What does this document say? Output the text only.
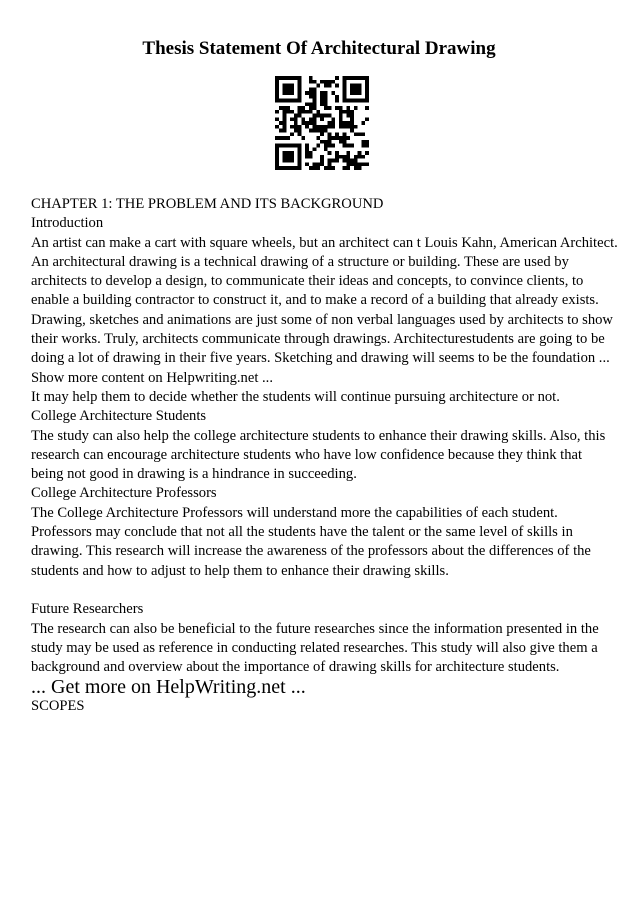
Thesis Statement Of Architectural Drawing
CHAPTER 1: THE PROBLEM AND ITS BACKGROUND
Introduction
An artist can make a cart with square wheels, but an architect can t Louis Kahn, American Architect.
An architectural drawing is a technical drawing of a structure or building. These are used by
architects to develop a design, to communicate their ideas and concepts, to convince clients, to
enable a building contractor to construct it, and to make a record of a building that already exists.
Drawing, sketches and animations are just some of non verbal languages used by architects to show
their works. Truly, architects communicate through drawings. Architecturestudents are going to be
doing a lot of drawing in their five years. Sketching and drawing will seems to be the foundation ...
Show more content on Helpwriting.net ...
It may help them to decide whether the students will continue pursuing architecture or not.
College Architecture Students
The study can also help the college architecture students to enhance their drawing skills. Also, this
research can encourage architecture students who have low confidence because they think that
being not good in drawing is a hindrance in succeeding.
College Architecture Professors
The College Architecture Professors will understand more the capabilities of each student.
Professors may conclude that not all the students have the talent or the same level of skills in
drawing. This research will increase the awareness of the professors about the differences of the
students and how to adjust to help them to enhance their drawing skills.
Future Researchers
The research can also be beneficial to the future researches since the information presented in the
study may be used as reference in conducting related researches. This study will also give them a
background and overview about the importance of drawing skills for architecture students.
SCOPES
... Get more on HelpWriting.net ...
